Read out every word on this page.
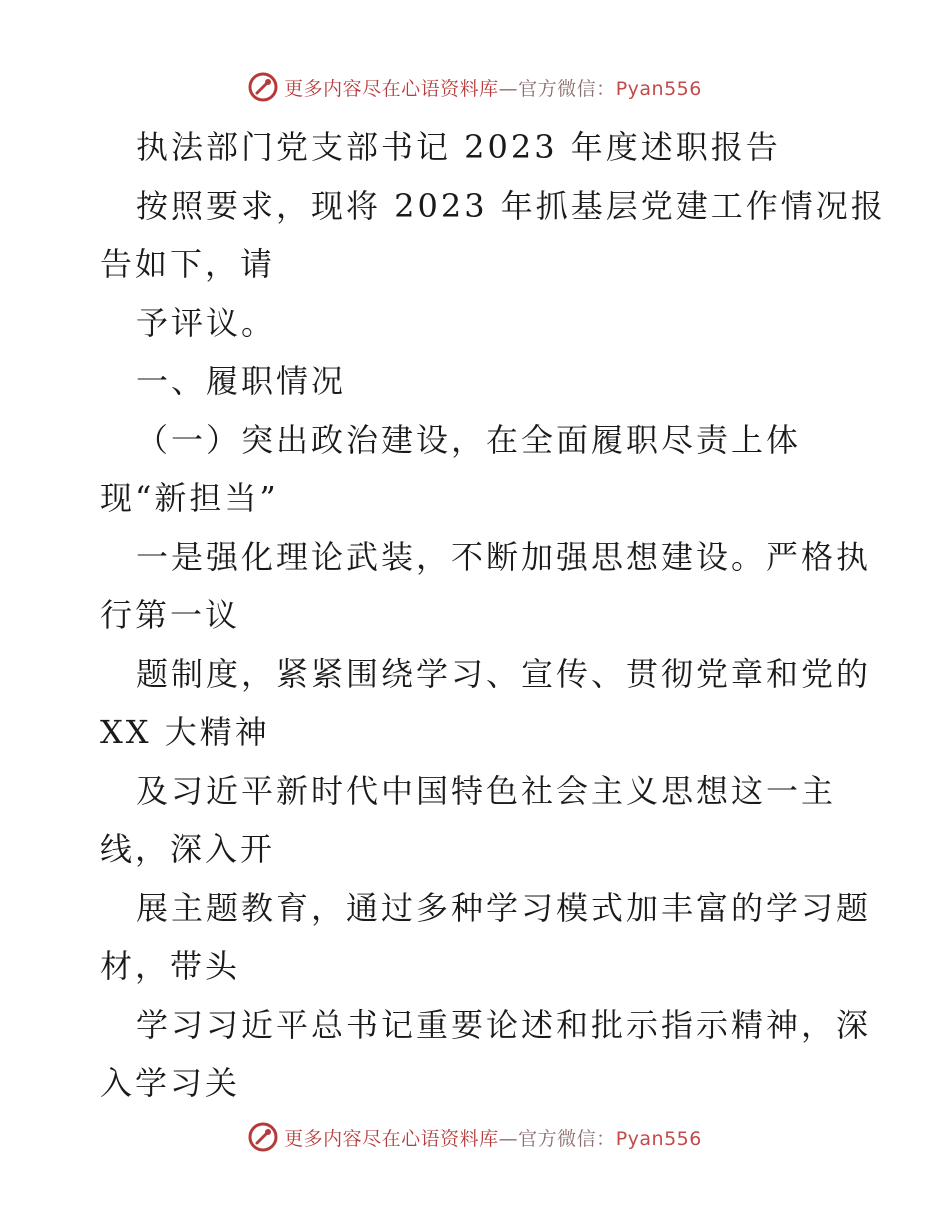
更多内容尽在心语资料库—官方微信：Pyan556
执法部门党支部书记 2023 年度述职报告
按照要求，现将 2023 年抓基层党建工作情况报
告如下，请
予评议。
一、履职情况
（一）突出政治建设，在全面履职尽责上体
现“新担当”
一是强化理论武装，不断加强思想建设。严格执
行第一议
题制度，紧紧围绕学习、宣传、贯彻党章和党的
XX 大精神
及习近平新时代中国特色社会主义思想这一主
线，深入开
展主题教育，通过多种学习模式加丰富的学习题
材，带头
学习习近平总书记重要论述和批示指示精神，深
入学习关
更多内容尽在心语资料库—官方微信：Pyan556
